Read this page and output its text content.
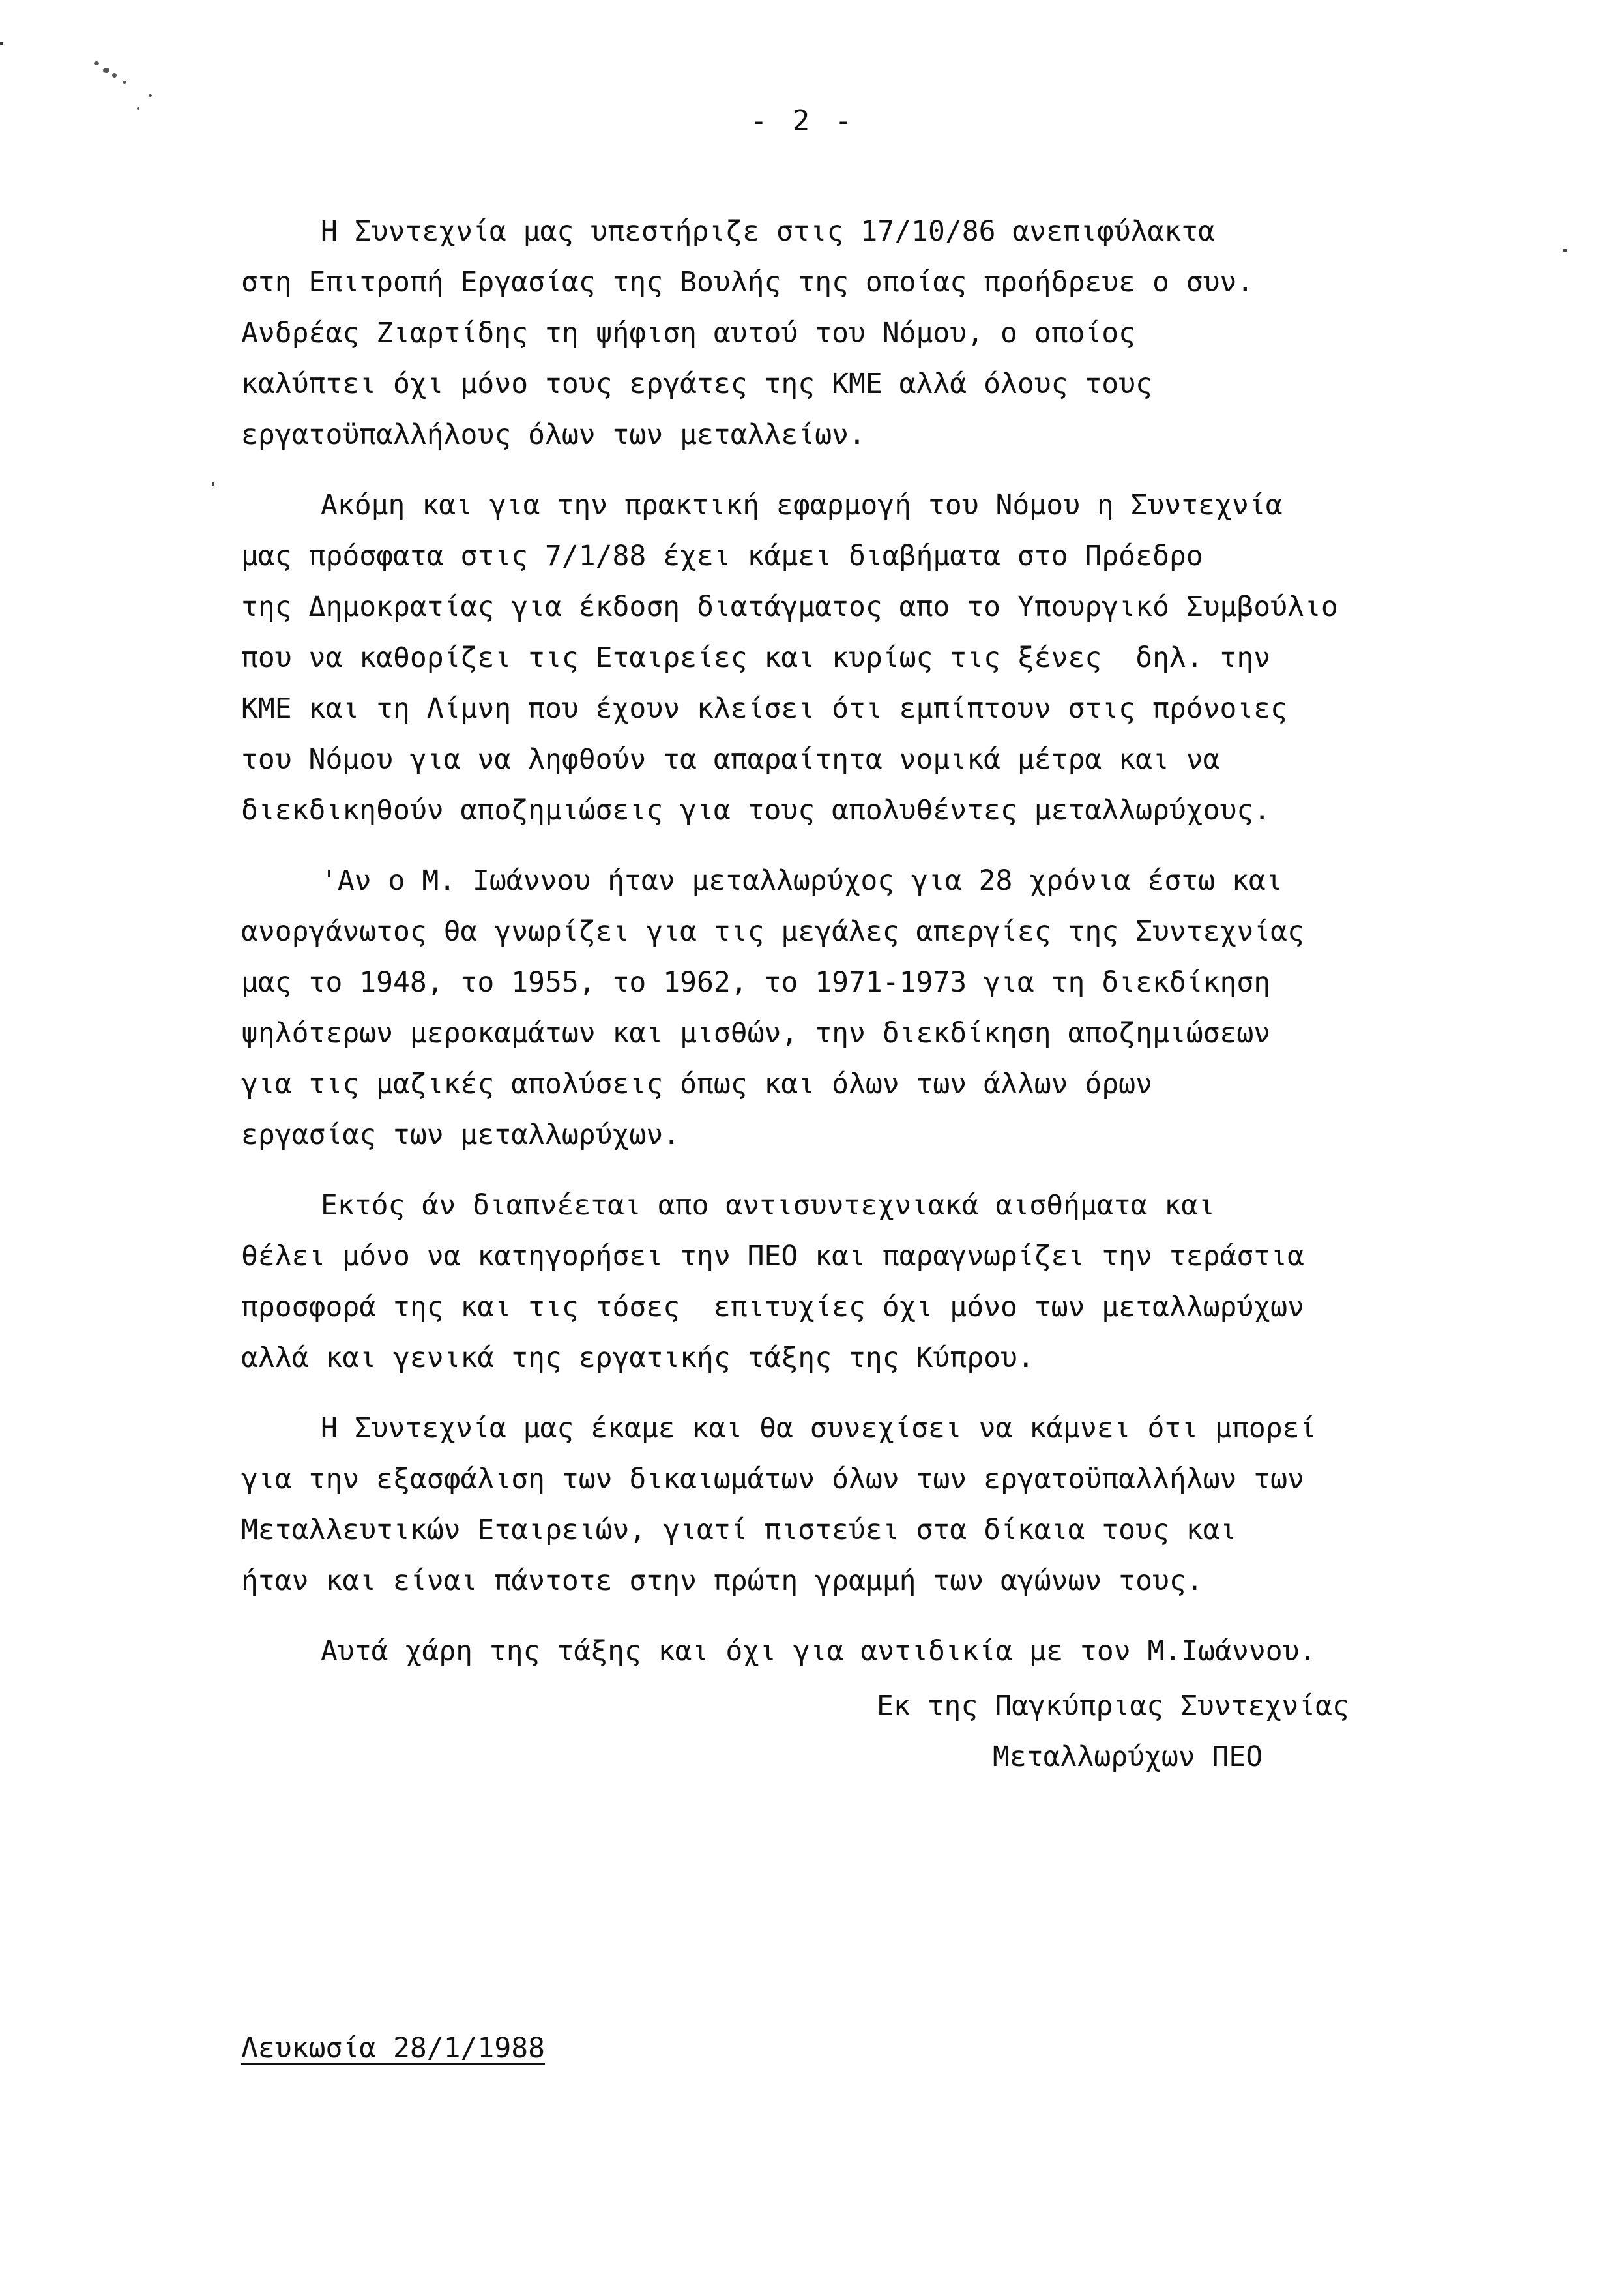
- 2 -

Η Συντεχνία μας υπεστήριζε στις 17/10/86 ανεπιφύλακτα
στη Επιτροπή Εργασίας της Βουλής της οποίας προήδρευε ο συν.
Ανδρέας Ζιαρτίδης τη ψήφιση αυτού του Νόμου, ο οποίος
καλύπτει όχι μόνο τους εργάτες της ΚΜΕ αλλά όλους τους
εργατοϋπαλλήλους όλων των μεταλλείων.

Ακόμη και για την πρακτική εφαρμογή του Νόμου η Συντεχνία
μας πρόσφατα στις 7/1/88 έχει κάμει διαβήματα στο Πρόεδρο
της Δημοκρατίας για έκδοση διατάγματος απο το Υπουργικό Συμβούλιο
που να καθορίζει τις Εταιρείες και κυρίως τις ξένες  δηλ. την
ΚΜΕ και τη Λίμνη που έχουν κλείσει ότι εμπίπτουν στις πρόνοιες
του Νόμου για να ληφθούν τα απαραίτητα νομικά μέτρα και να
διεκδικηθούν αποζημιώσεις για τους απολυθέντες μεταλλωρύχους.

'Αν ο Μ. Ιωάννου ήταν μεταλλωρύχος για 28 χρόνια έστω και
ανοργάνωτος θα γνωρίζει για τις μεγάλες απεργίες της Συντεχνίας
μας το 1948, το 1955, το 1962, το 1971-1973 για τη διεκδίκηση
ψηλότερων μεροκαμάτων και μισθών, την διεκδίκηση αποζημιώσεων
για τις μαζικές απολύσεις όπως και όλων των άλλων όρων
εργασίας των μεταλλωρύχων.

Εκτός άν διαπνέεται απο αντισυντεχνιακά αισθήματα και
θέλει μόνο να κατηγορήσει την ΠΕΟ και παραγνωρίζει την τεράστια
προσφορά της και τις τόσες  επιτυχίες όχι μόνο των μεταλλωρύχων
αλλά και γενικά της εργατικής τάξης της Κύπρου.

Η Συντεχνία μας έκαμε και θα συνεχίσει να κάμνει ότι μπορεί
για την εξασφάλιση των δικαιωμάτων όλων των εργατοϋπαλλήλων των
Μεταλλευτικών Εταιρειών, γιατί πιστεύει στα δίκαια τους και
ήταν και είναι πάντοτε στην πρώτη γραμμή των αγώνων τους.

Αυτά χάρη της τάξης και όχι για αντιδικία με τον Μ.Ιωάννου.

Εκ της Παγκύπριας Συντεχνίας
Μεταλλωρύχων ΠΕΟ
Λευκωσία 28/1/1988
